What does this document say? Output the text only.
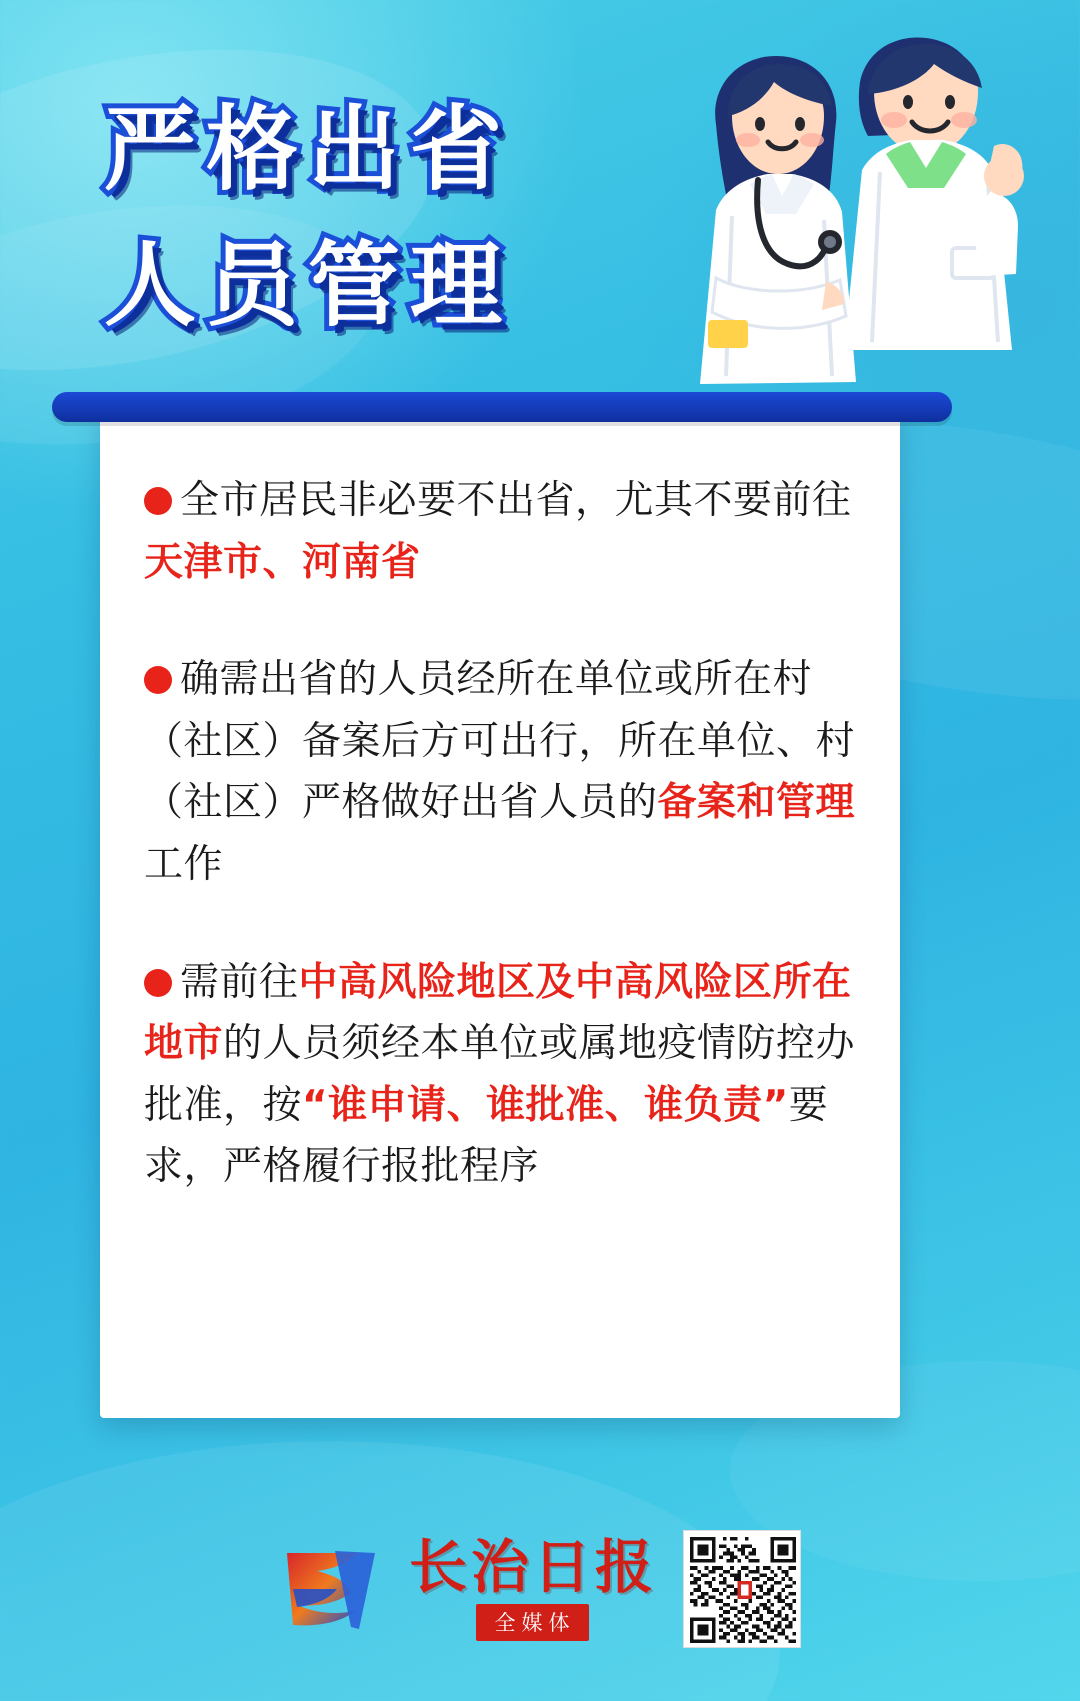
严格出省
人员管理
全市居民非必要不出省，尤其不要前往天津市、河南省
确需出省的人员经所在单位或所在村（社区）备案后方可出行，所在单位、村（社区）严格做好出省人员的备案和管理工作
需前往中高风险地区及中高风险区所在地市的人员须经本单位或属地疫情防控办批准，按“谁申请、谁批准、谁负责”要求，严格履行报批程序
长治日报
全媒体
